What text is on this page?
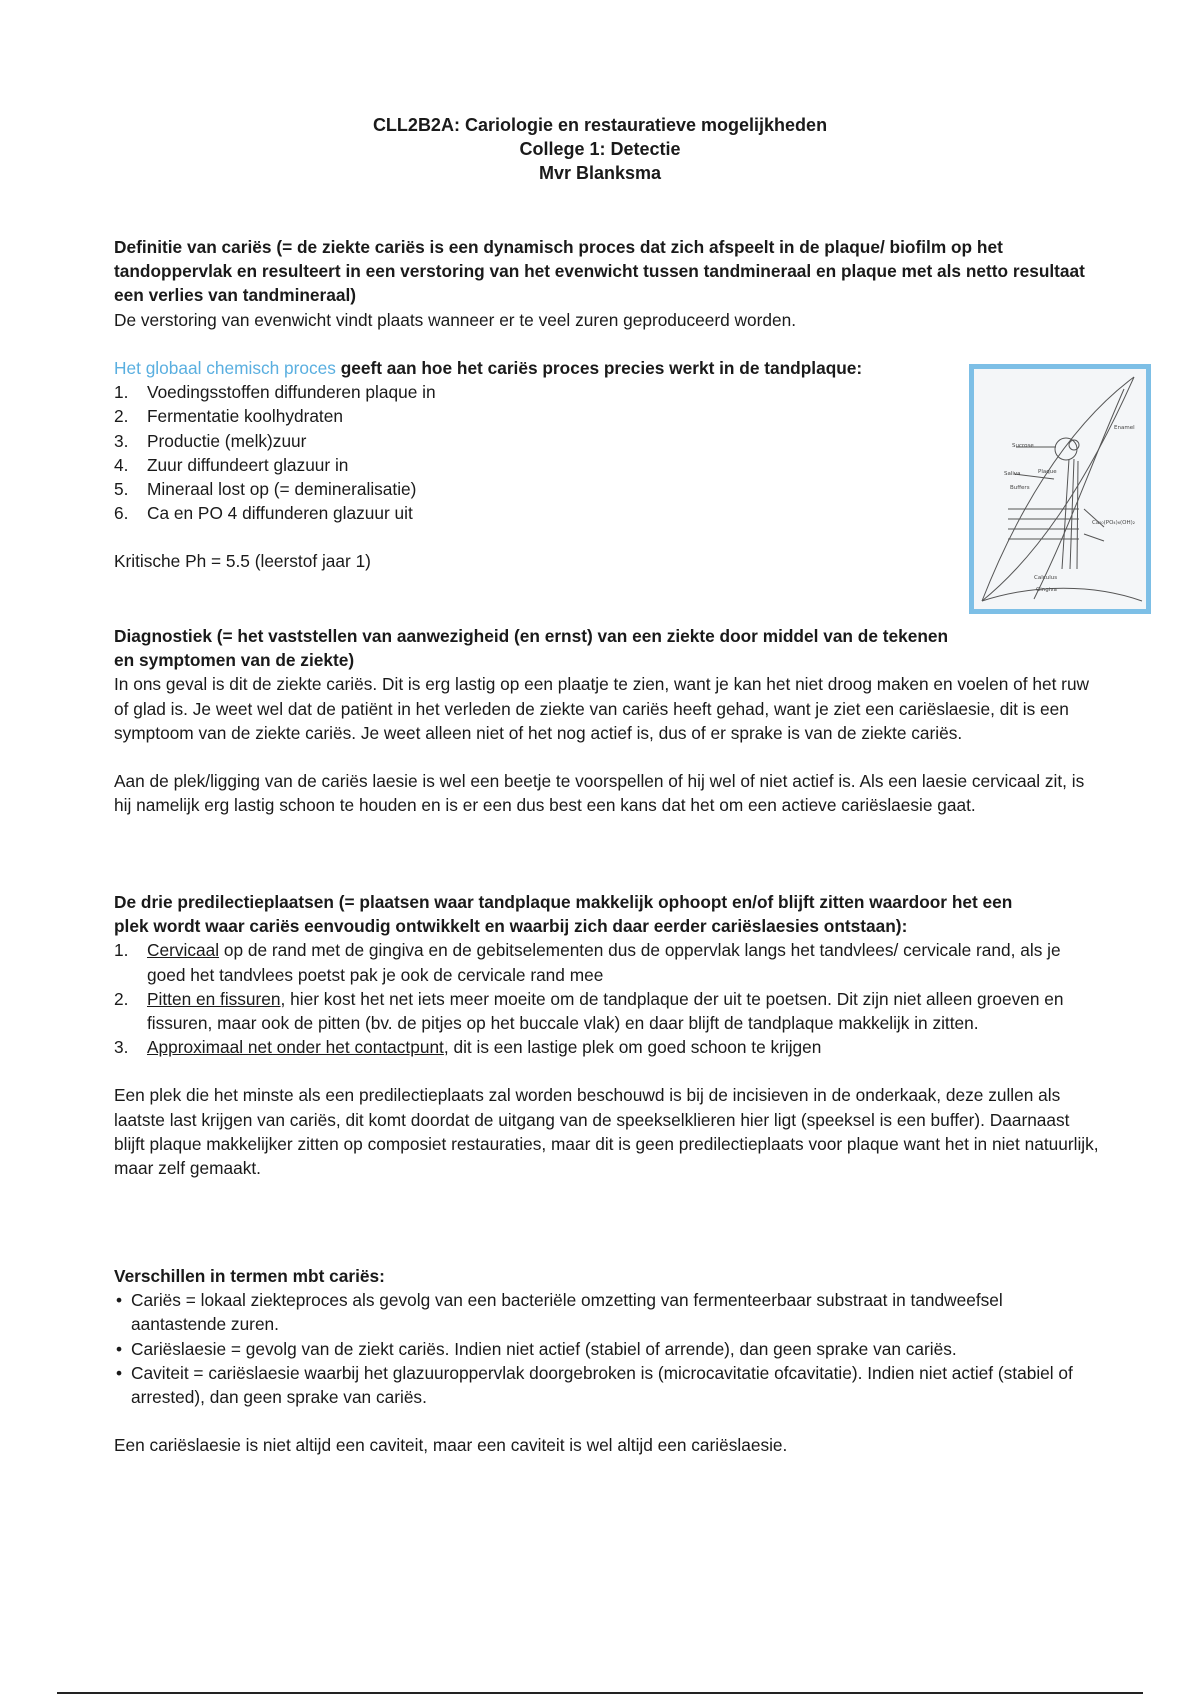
CLL2B2A: Cariologie en restauratieve mogelijkheden
College 1: Detectie
Mvr Blanksma

Definitie van cariës (= de ziekte cariës is een dynamisch proces dat zich afspeelt in de plaque/ biofilm op het tandoppervlak en resulteert in een verstoring van het evenwicht tussen tandmineraal en plaque met als netto resultaat een verlies van tandmineraal)

De verstoring van evenwicht vindt plaats wanneer er te veel zuren geproduceerd worden.

Het globaal chemisch proces geeft aan hoe het cariës proces precies werkt in de tandplaque:

1. Voedingsstoffen diffunderen plaque in
2. Fermentatie koolhydraten
3. Productie (melk)zuur
4. Zuur diffundeert glazuur in
5. Mineraal lost op (= demineralisatie)
6. Ca en PO 4 diffunderen glazuur uit

Kritische Ph = 5.5 (leerstof jaar 1)

Enamel
Sucrose
Saliva	Plaque
Buffers
Ca₁₀(PO₄)₆(OH)₂
Calculus
Gingiva

Diagnostiek (= het vaststellen van aanwezigheid (en ernst) van een ziekte door middel van de tekenen en symptomen van de ziekte)

In ons geval is dit de ziekte cariës. Dit is erg lastig op een plaatje te zien, want je kan het niet droog maken en voelen of het ruw of glad is. Je weet wel dat de patiënt in het verleden de ziekte van cariës heeft gehad, want je ziet een cariëslaesie, dit is een symptoom van de ziekte cariës. Je weet alleen niet of het nog actief is, dus of er sprake is van de ziekte cariës.

Aan de plek/ligging van de cariës laesie is wel een beetje te voorspellen of hij wel of niet actief is. Als een laesie cervicaal zit, is hij namelijk erg lastig schoon te houden en is er een dus best een kans dat het om een actieve cariëslaesie gaat.

De drie predilectieplaatsen (= plaatsen waar tandplaque makkelijk ophoopt en/of blijft zitten waardoor het een plek wordt waar cariës eenvoudig ontwikkelt en waarbij zich daar eerder cariëslaesies ontstaan):

1. Cervicaal op de rand met de gingiva en de gebitselementen dus de oppervlak langs het tandvlees/ cervicale rand, als je goed het tandvlees poetst pak je ook de cervicale rand mee
2. Pitten en fissuren, hier kost het net iets meer moeite om de tandplaque der uit te poetsen. Dit zijn niet alleen groeven en fissuren, maar ook de pitten (bv. de pitjes op het buccale vlak) en daar blijft de tandplaque makkelijk in zitten.
3. Approximaal net onder het contactpunt, dit is een lastige plek om goed schoon te krijgen

Een plek die het minste als een predilectieplaats zal worden beschouwd is bij de incisieven in de onderkaak, deze zullen als laatste last krijgen van cariës, dit komt doordat de uitgang van de speekselklieren hier ligt (speeksel is een buffer). Daarnaast blijft plaque makkelijker zitten op composiet restauraties, maar dit is geen predilectieplaats voor plaque want het in niet natuurlijk, maar zelf gemaakt.

Verschillen in termen mbt cariës:

• Cariës = lokaal ziekteproces als gevolg van een bacteriële omzetting van fermenteerbaar substraat in tandweefsel aantastende zuren.
• Cariëslaesie = gevolg van de ziekt cariës. Indien niet actief (stabiel of arrende), dan geen sprake van cariës.
• Caviteit = cariëslaesie waarbij het glazuuroppervlak doorgebroken is (microcavitatie ofcavitatie). Indien niet actief (stabiel of arrested), dan geen sprake van cariës.

Een cariëslaesie is niet altijd een caviteit, maar een caviteit is wel altijd een cariëslaesie.
